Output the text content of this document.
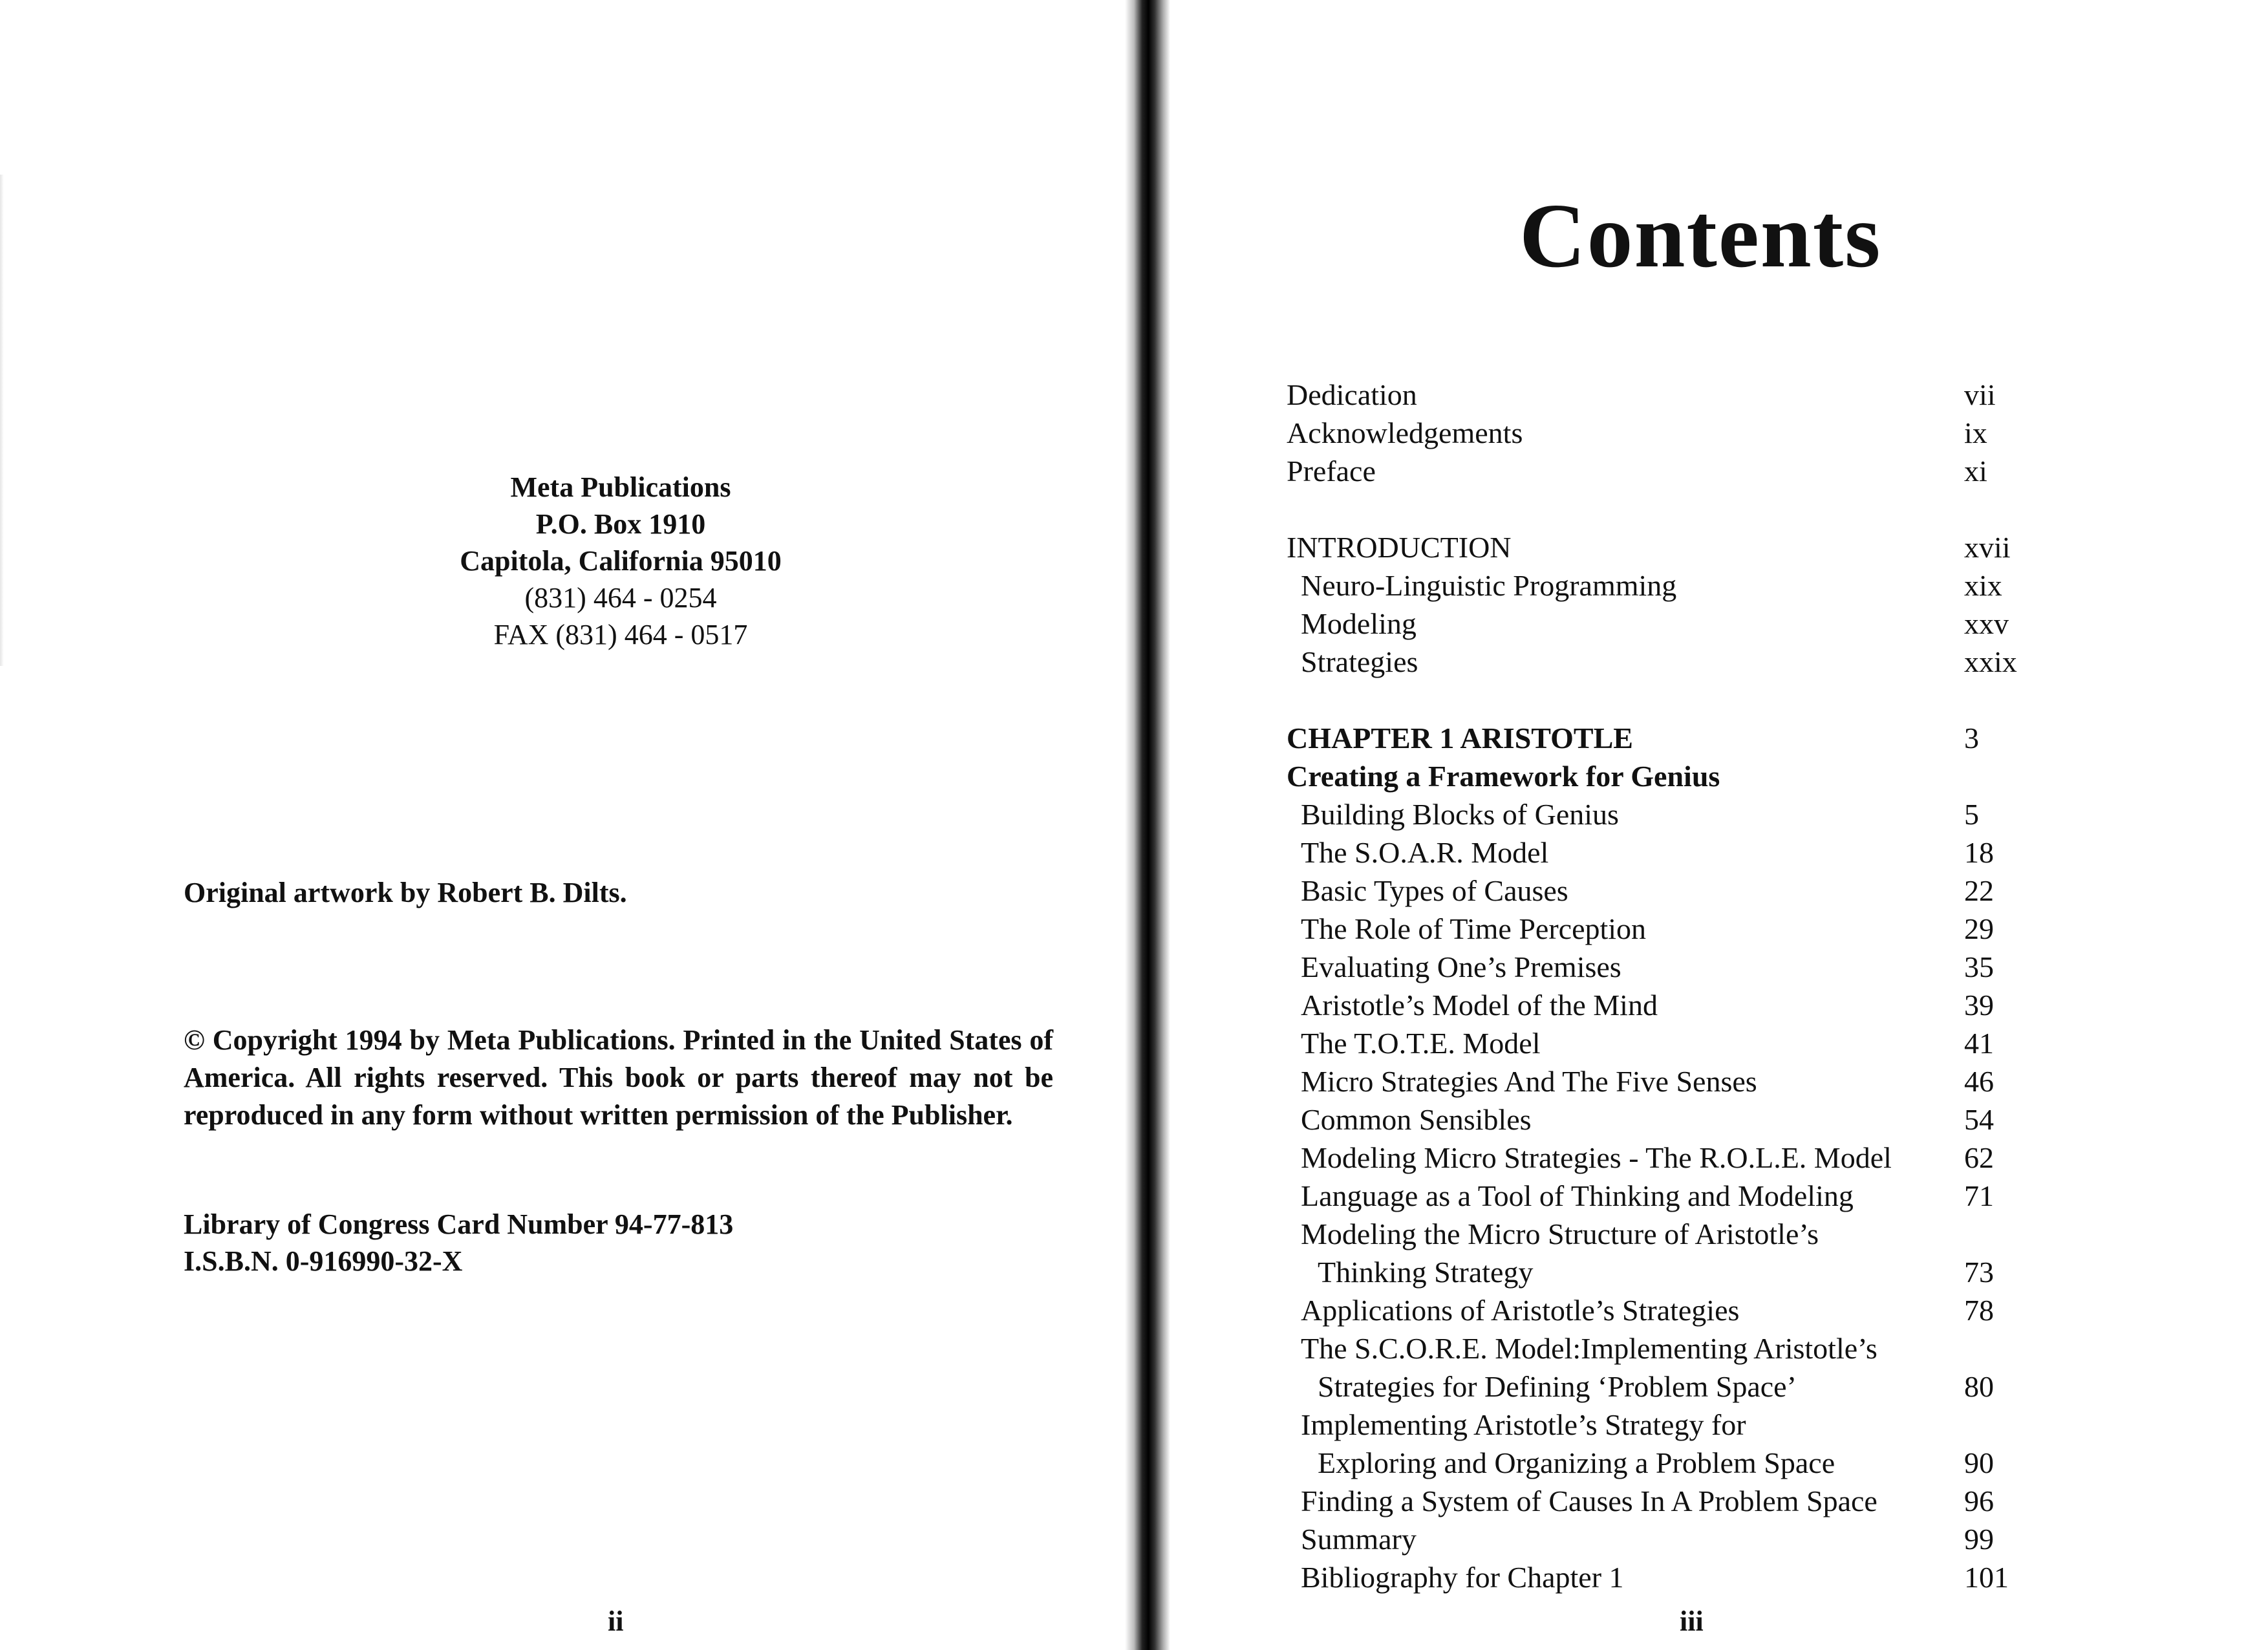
Meta Publications
P.O. Box 1910
Capitola, California 95010
(831) 464 - 0254
FAX (831) 464 - 0517
Original artwork by Robert B. Dilts.
© Copyright 1994 by Meta Publications. Printed in the United States of America. All rights reserved. This book or parts thereof may not be reproduced in any form without written permission of the Publisher.
Library of Congress Card Number 94-77-813
I.S.B.N. 0-916990-32-X
ii
Contents
Dedication	vii
Acknowledgements	ix
Preface	xi
INTRODUCTION	xvii
Neuro-Linguistic Programming	xix
Modeling	xxv
Strategies	xxix
CHAPTER 1 ARISTOTLE	3
Creating a Framework for Genius
Building Blocks of Genius	5
The S.O.A.R. Model	18
Basic Types of Causes	22
The Role of Time Perception	29
Evaluating One’s Premises	35
Aristotle’s Model of the Mind	39
The T.O.T.E. Model	41
Micro Strategies And The Five Senses	46
Common Sensibles	54
Modeling Micro Strategies - The R.O.L.E. Model 62
Language as a Tool of Thinking and Modeling	71
Modeling the Micro Structure of Aristotle’s
Thinking Strategy	73
Applications of Aristotle’s Strategies	78
The S.C.O.R.E. Model:Implementing Aristotle’s
Strategies for Defining ‘Problem Space’	80
Implementing Aristotle’s Strategy for
Exploring and Organizing a Problem Space	90
Finding a System of Causes In A Problem Space	96
Summary	99
Bibliography for Chapter 1	101
iii
